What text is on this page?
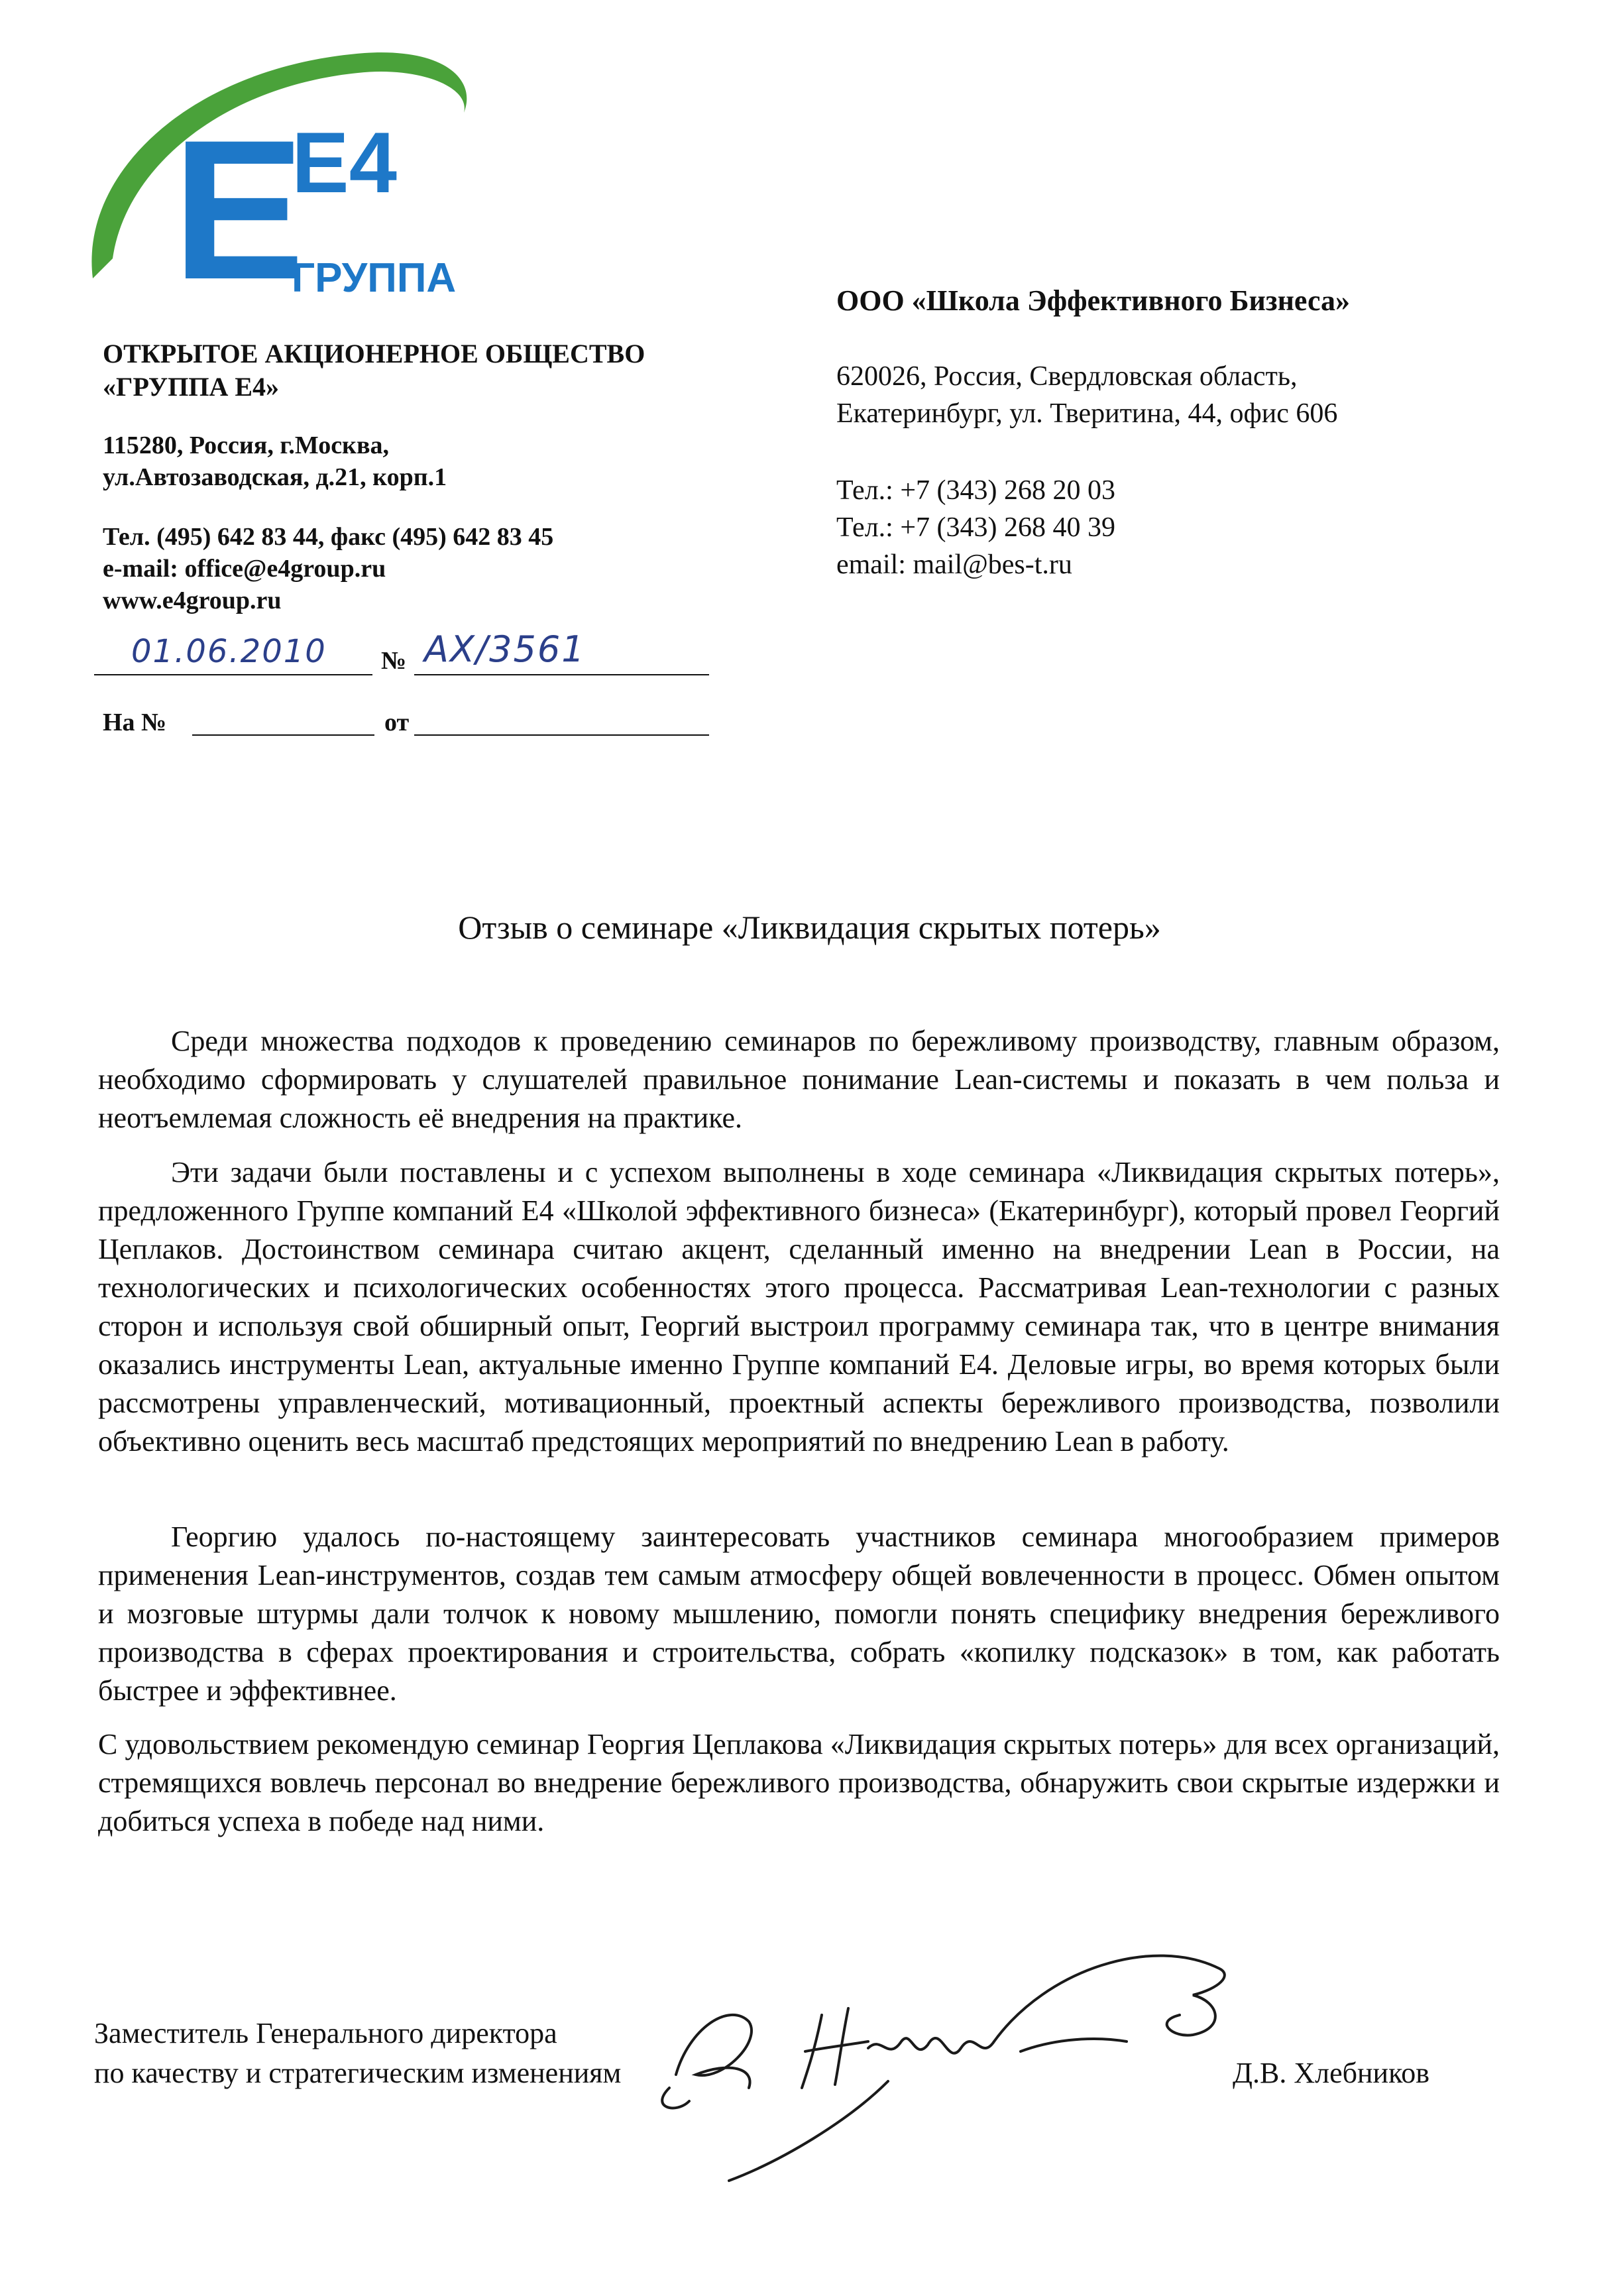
E
E4
ГРУППА
ОТКРЫТОЕ АКЦИОНЕРНОЕ ОБЩЕСТВО
«ГРУППА Е4»
115280, Россия, г.Москва,
ул.Автозаводская, д.21, корп.1
Тел. (495) 642 83 44, факс (495) 642 83 45
e-mail: office@e4group.ru
www.e4group.ru
01.06.2010 № АХ/3561
На №	от
ООО «Школа Эффективного Бизнеса»
620026, Россия, Свердловская область,
Екатеринбург, ул. Тверитина, 44, офис 606
Тел.: +7 (343) 268 20 03
Тел.: +7 (343) 268 40 39
email: mail@bes-t.ru
Отзыв о семинаре «Ликвидация скрытых потерь»

Среди множества подходов к проведению семинаров по бережливому производству, главным образом, необходимо сформировать у слушателей правильное понимание Lean-системы и показать в чем польза и неотъемлемая сложность её внедрения на практике.

Эти задачи были поставлены и с успехом выполнены в ходе семинара «Ликвидация скрытых потерь», предложенного Группе компаний Е4 «Школой эффективного бизнеса» (Екатеринбург), который провел Георгий Цеплаков. Достоинством семинара считаю акцент, сделанный именно на внедрении Lean в России, на технологических и психологических особенностях этого процесса. Рассматривая Lean-технологии с разных сторон и используя свой обширный опыт, Георгий выстроил программу семинара так, что в центре внимания оказались инструменты Lean, актуальные именно Группе компаний Е4. Деловые игры, во время которых были рассмотрены управленческий, мотивационный, проектный аспекты бережливого производства, позволили объективно оценить весь масштаб предстоящих мероприятий по внедрению Lean в работу.

Георгию удалось по-настоящему заинтересовать участников семинара многообразием примеров применения Lean-инструментов, создав тем самым атмосферу общей вовлеченности в процесс. Обмен опытом и мозговые штурмы дали толчок к новому мышлению, помогли понять специфику внедрения бережливого производства в сферах проектирования и строительства, собрать «копилку подсказок» в том, как работать быстрее и эффективнее.

С удовольствием рекомендую семинар Георгия Цеплакова «Ликвидация скрытых потерь» для всех организаций, стремящихся вовлечь персонал во внедрение бережливого производства, обнаружить свои скрытые издержки и добиться успеха в победе над ними.

Заместитель Генерального директора
по качеству и стратегическим изменениям	Д.В. Хлебников
